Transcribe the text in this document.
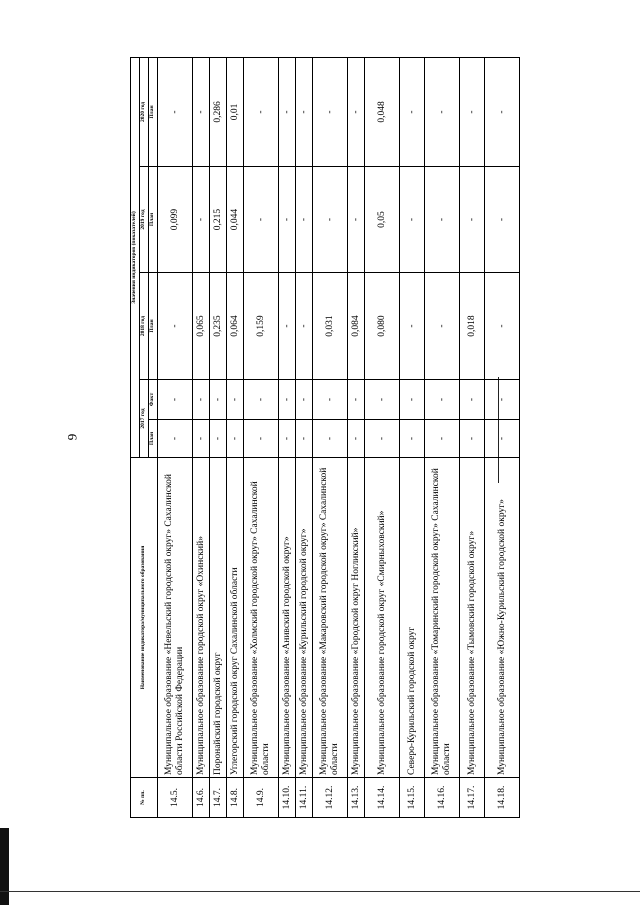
9
№ пп.	Наименование индикатора/муниципального образования	Значения индикаторов (показателей)				
		2017 год		2018 год	2019 год	2020 год
		План	Факт	План	План	План
14.5.	Муниципальное образование «Невельский городской округ» Сахалинской области Российской Федерации	-	-	-	0,099	-
14.6.	Муниципальное образование городской округ «Охинский»	-	-	0,065	-	-
14.7.	Поронайский городской округ	-	-	0,235	0,215	0,286
14.8.	Углегорский городской округ Сахалинской области	-	-	0,064	0,044	0,01
14.9.	Муниципальное образование «Холмский городской округ» Сахалинской области	-	-	0,159	-	-
14.10.	Муниципальное образование «Анивский городской округ»	-	-	-	-	-
14.11.	Муниципальное образование «Курильский городской округ»	-	-	-	-	-
14.12.	Муниципальное образование «Макаровский городской округ» Сахалинской области	-	-	0,031	-	-
14.13.	Муниципальное образование «Городской округ Ногликский»	-	-	0,084	-	-
14.14.	Муниципальное образование городской округ «Смирныховский»	-	-	0,080	0,05	0,048
14.15.	Северо-Курильский городской округ	-	-	-	-	-
14.16.	Муниципальное образование «Томаринский городской округ» Сахалинской области	-	-	-	-	-
14.17.	Муниципальное образование «Тымовский городской округ»	-	-	0,018	-	-
14.18.	Муниципальное образование «Южно-Курильский городской округ»	-	-	-	-	-
